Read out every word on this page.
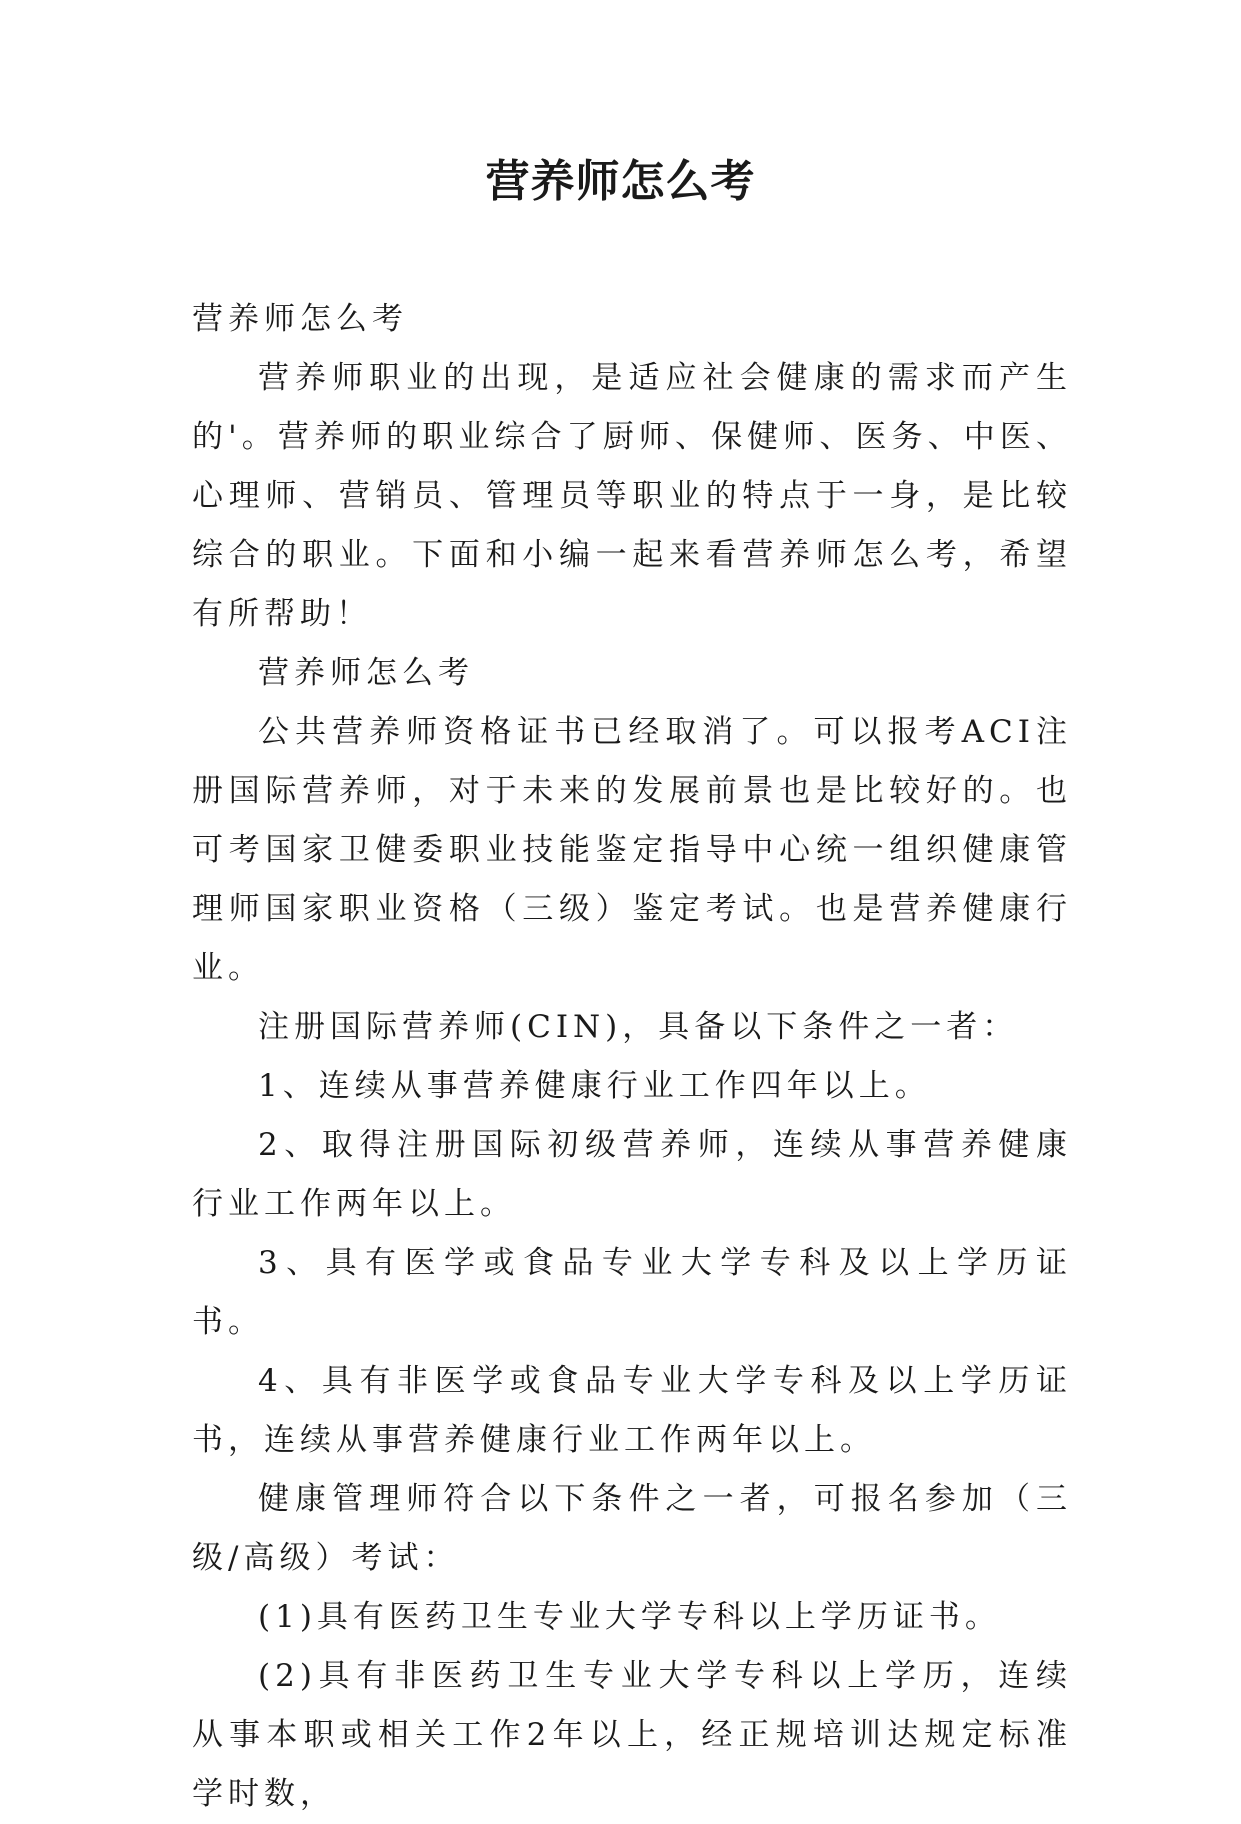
营养师怎么考

营养师怎么考

营养师职业的出现，是适应社会健康的需求而产生的'。营养师的职业综合了厨师、保健师、医务、中医、心理师、营销员、管理员等职业的特点于一身，是比较综合的职业。下面和小编一起来看营养师怎么考，希望有所帮助！

营养师怎么考

公共营养师资格证书已经取消了。可以报考ACI注册国际营养师，对于未来的发展前景也是比较好的。也可考国家卫健委职业技能鉴定指导中心统一组织健康管理师国家职业资格（三级）鉴定考试。也是营养健康行业。

注册国际营养师(CIN)，具备以下条件之一者：

1、连续从事营养健康行业工作四年以上。

2、取得注册国际初级营养师，连续从事营养健康行业工作两年以上。

3、具有医学或食品专业大学专科及以上学历证书。

4、具有非医学或食品专业大学专科及以上学历证书，连续从事营养健康行业工作两年以上。

健康管理师符合以下条件之一者，可报名参加（三级/高级）考试：

(1)具有医药卫生专业大学专科以上学历证书。

(2)具有非医药卫生专业大学专科以上学历，连续从事本职或相关工作2年以上，经正规培训达规定标准学时数，
